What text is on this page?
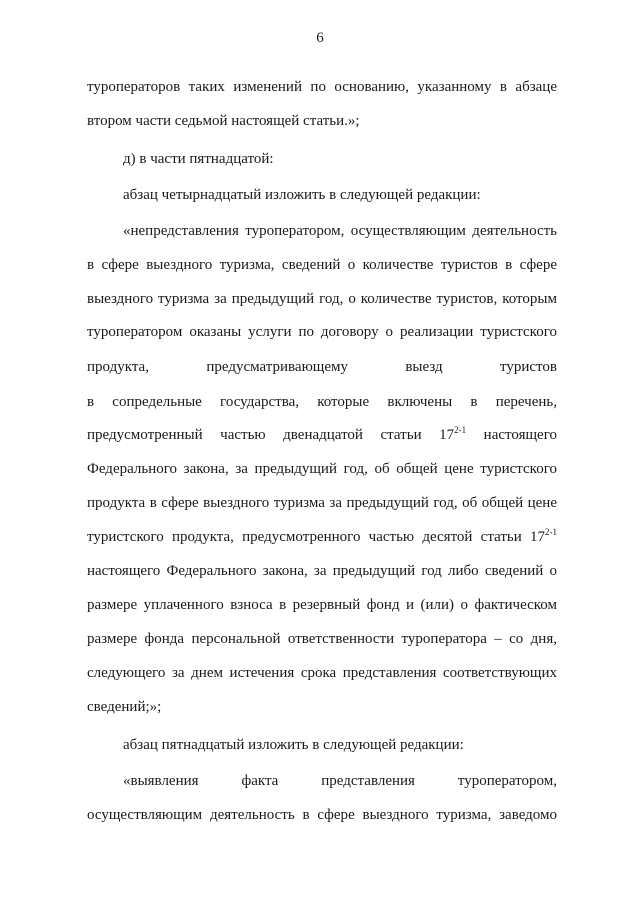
6
туроператоров таких изменений по основанию, указанному в абзаце
втором части седьмой настоящей статьи.»;
д) в части пятнадцатой:
абзац четырнадцатый изложить в следующей редакции:
«непредставления туроператором, осуществляющим деятельность
в сфере выездного туризма, сведений о количестве туристов в сфере
выездного туризма за предыдущий год, о количестве туристов, которым
туроператором оказаны услуги по договору о реализации туристского
продукта, предусматривающему выезд туристов
в сопредельные государства, которые включены в перечень,
предусмотренный частью двенадцатой статьи 17$^{2-1}$ настоящего
Федерального закона, за предыдущий год, об общей цене туристского
продукта в сфере выездного туризма за предыдущий год, об общей цене
туристского продукта, предусмотренного частью десятой статьи 17$^{2-1}$
настоящего Федерального закона, за предыдущий год либо сведений о
размере уплаченного взноса в резервный фонд и (или) о фактическом
размере фонда персональной ответственности туроператора – со дня,
следующего за днем истечения срока представления соответствующих
сведений;»;
абзац пятнадцатый изложить в следующей редакции:
«выявления факта представления туроператором,
осуществляющим деятельность в сфере выездного туризма, заведомо
